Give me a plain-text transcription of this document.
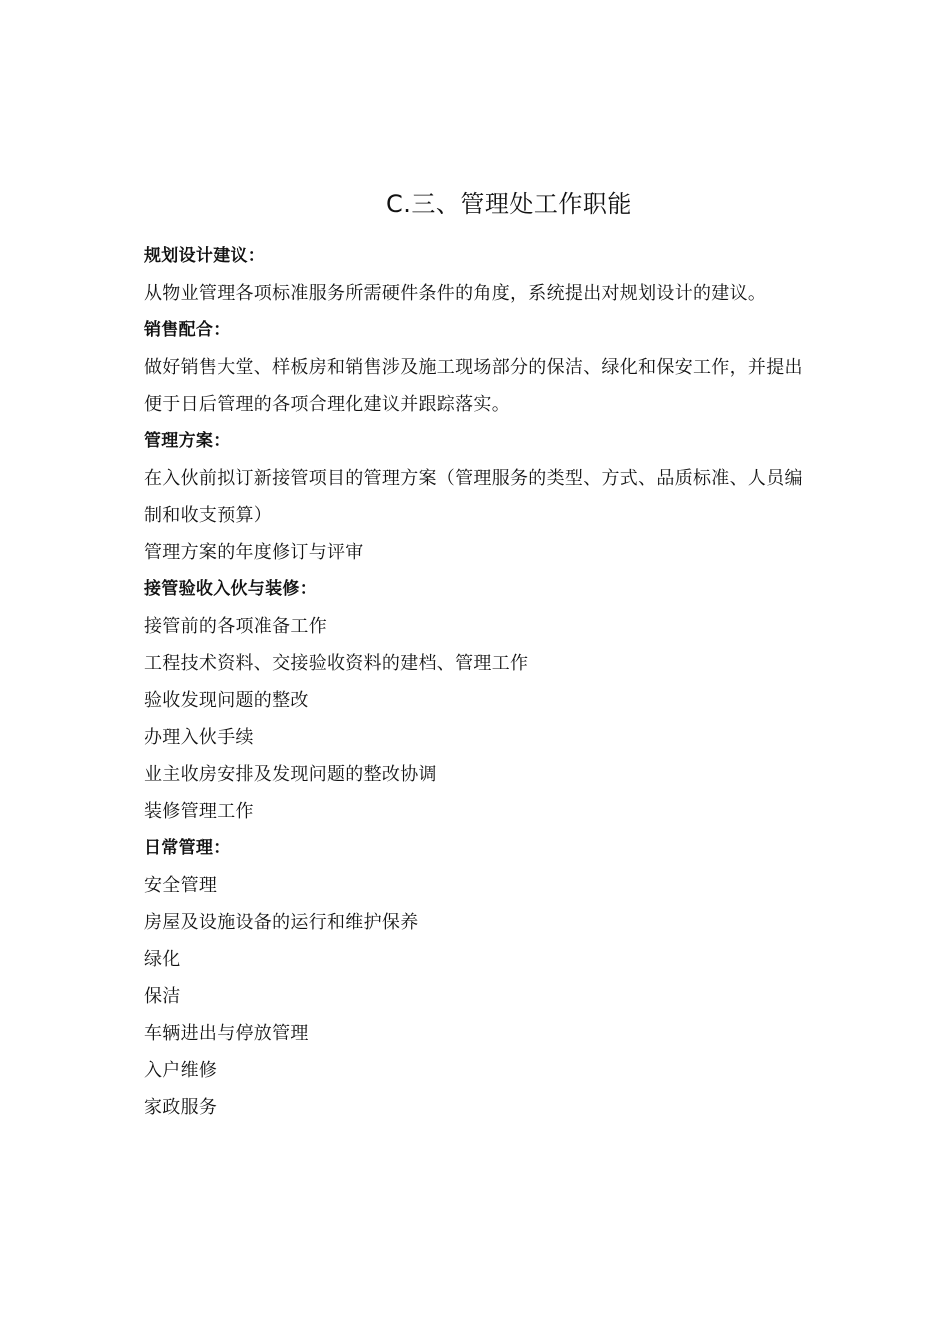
C.三、管理处工作职能
规划设计建议：
从物业管理各项标准服务所需硬件条件的角度，系统提出对规划设计的建议。
销售配合：
做好销售大堂、样板房和销售涉及施工现场部分的保洁、绿化和保安工作，并提出
便于日后管理的各项合理化建议并跟踪落实。
管理方案：
在入伙前拟订新接管项目的管理方案（管理服务的类型、方式、品质标准、人员编
制和收支预算）
管理方案的年度修订与评审
接管验收入伙与装修：
接管前的各项准备工作
工程技术资料、交接验收资料的建档、管理工作
验收发现问题的整改
办理入伙手续
业主收房安排及发现问题的整改协调
装修管理工作
日常管理：
安全管理
房屋及设施设备的运行和维护保养
绿化
保洁
车辆进出与停放管理
入户维修
家政服务
